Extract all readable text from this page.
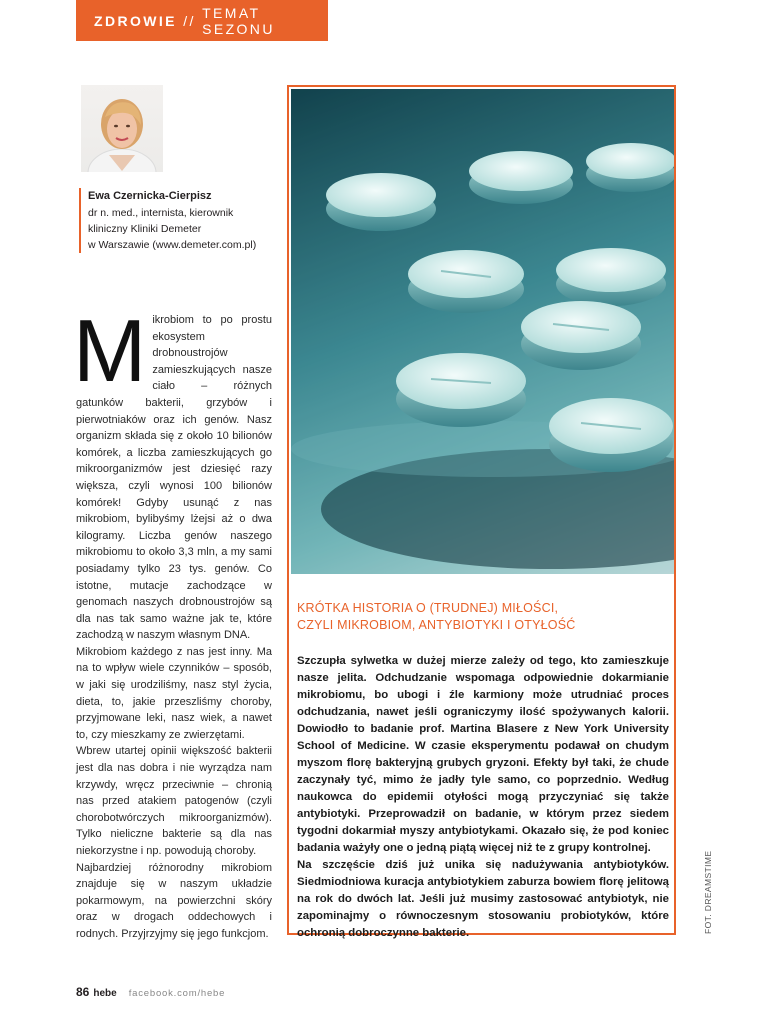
ZDROWIE // TEMAT SEZONU
Ewa Czernicka-Cierpisz
dr n. med., internista, kierownik
kliniczny Kliniki Demeter
w Warszawie (www.demeter.com.pl)

Mikrobiom to po prostu ekosystem drobnoustrojów zamieszkujących nasze ciało – różnych gatunków bakterii, grzybów i pierwotniaków oraz ich genów. Nasz organizm składa się z około 10 bilionów komórek, a liczba zamieszkujących go mikroorganizmów jest dziesięć razy większa, czyli wynosi 100 bilionów komórek! Gdyby usunąć z nas mikrobiom, bylibyśmy lżejsi aż o dwa kilogramy. Liczba genów naszego mikrobiomu to około 3,3 mln, a my sami posiadamy tylko 23 tys. genów. Co istotne, mutacje zachodzące w genomach naszych drobnoustrojów są dla nas tak samo ważne jak te, które zachodzą w naszym własnym DNA.

Mikrobiom każdego z nas jest inny. Ma na to wpływ wiele czynników – sposób, w jaki się urodziliśmy, nasz styl życia, dieta, to, jakie przeszliśmy choroby, przyjmowane leki, nasz wiek, a nawet to, czy mieszkamy ze zwierzętami.

Wbrew utartej opinii większość bakterii jest dla nas dobra i nie wyrządza nam krzywdy, wręcz przeciwnie – chronią nas przed atakiem patogenów (czyli chorobotwórczych mikroorganizmów). Tylko nieliczne bakterie są dla nas niekorzystne i np. powodują choroby.

Najbardziej różnorodny mikrobiom znajduje się w naszym układzie pokarmowym, na powierzchni skóry oraz w drogach oddechowych i rodnych. Przyjrzyjmy się jego funkcjom.

KRÓTKA HISTORIA O (TRUDNEJ) MIŁOŚCI,
CZYLI MIKROBIOM, ANTYBIOTYKI I OTYŁOŚĆ

Szczupła sylwetka w dużej mierze zależy od tego, kto zamieszkuje nasze jelita. Odchudzanie wspomaga odpowiednie dokarmianie mikrobiomu, bo ubogi i źle karmiony może utrudniać proces odchudzania, nawet jeśli ograniczymy ilość spożywanych kalorii. Dowiodło to badanie prof. Martina Blasere z New York University School of Medicine. W czasie eksperymentu podawał on chudym myszom florę bakteryjną grubych gryzoni. Efekty był taki, że chude zaczynały tyć, mimo że jadły tyle samo, co poprzednio. Według naukowca do epidemii otyłości mogą przyczyniać się także antybiotyki. Przeprowadził on badanie, w którym przez siedem tygodni dokarmiał myszy antybiotykami. Okazało się, że pod koniec badania ważyły one o jedną piątą więcej niż te z grupy kontrolnej.

Na szczęście dziś już unika się nadużywania antybiotyków. Siedmiodniowa kuracja antybiotykiem zaburza bowiem florę jelitową na rok do dwóch lat. Jeśli już musimy zastosować antybiotyk, nie zapominajmy o równoczesnym stosowaniu probiotyków, które ochronią dobroczynne bakterie.	FOT. DREAMSTIME
86 hebe facebook.com/hebe
